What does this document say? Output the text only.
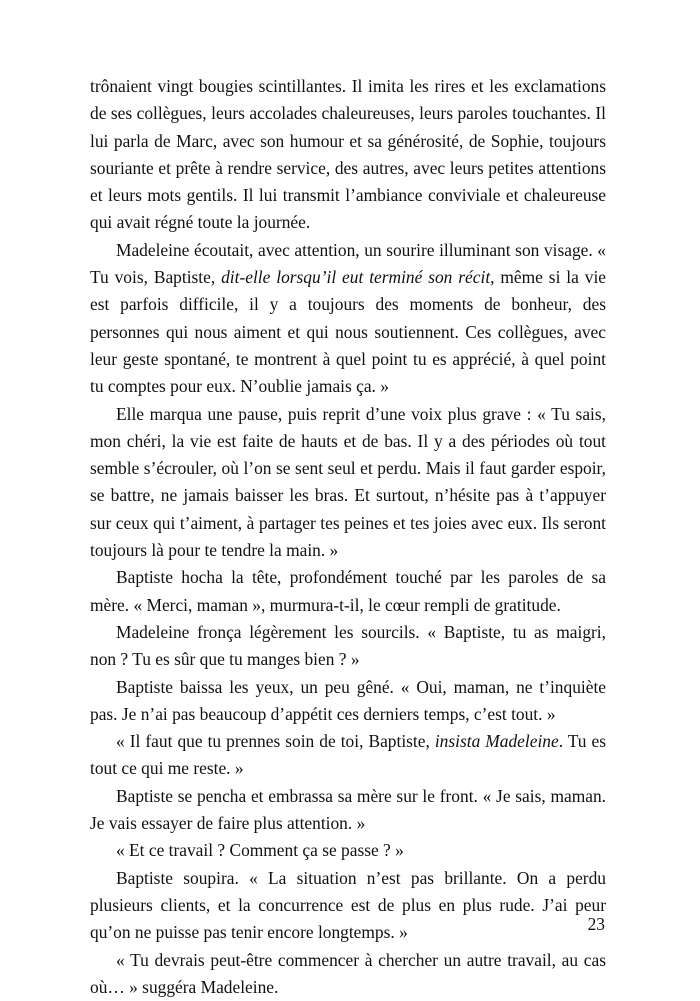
trônaient vingt bougies scintillantes. Il imita les rires et les exclamations de ses collègues, leurs accolades chaleureuses, leurs paroles touchantes. Il lui parla de Marc, avec son humour et sa générosité, de Sophie, toujours souriante et prête à rendre service, des autres, avec leurs petites attentions et leurs mots gentils. Il lui transmit l’ambiance conviviale et chaleureuse qui avait régné toute la journée.

Madeleine écoutait, avec attention, un sourire illuminant son visage. « Tu vois, Baptiste, dit-elle lorsqu’il eut terminé son récit, même si la vie est parfois difficile, il y a toujours des moments de bonheur, des personnes qui nous aiment et qui nous soutiennent. Ces collègues, avec leur geste spontané, te montrent à quel point tu es apprécié, à quel point tu comptes pour eux. N’oublie jamais ça. »

Elle marqua une pause, puis reprit d’une voix plus grave : « Tu sais, mon chéri, la vie est faite de hauts et de bas. Il y a des périodes où tout semble s’écrouler, où l’on se sent seul et perdu. Mais il faut garder espoir, se battre, ne jamais baisser les bras. Et surtout, n’hésite pas à t’appuyer sur ceux qui t’aiment, à partager tes peines et tes joies avec eux. Ils seront toujours là pour te tendre la main. »

Baptiste hocha la tête, profondément touché par les paroles de sa mère. « Merci, maman », murmura-t-il, le cœur rempli de gratitude.

Madeleine fronça légèrement les sourcils. « Baptiste, tu as maigri, non ? Tu es sûr que tu manges bien ? »

Baptiste baissa les yeux, un peu gêné. « Oui, maman, ne t’inquiète pas. Je n’ai pas beaucoup d’appétit ces derniers temps, c’est tout. »

« Il faut que tu prennes soin de toi, Baptiste, insista Madeleine. Tu es tout ce qui me reste. »

Baptiste se pencha et embrassa sa mère sur le front. « Je sais, maman. Je vais essayer de faire plus attention. »

« Et ce travail ? Comment ça se passe ? »

Baptiste soupira. « La situation n’est pas brillante. On a perdu plusieurs clients, et la concurrence est de plus en plus rude. J’ai peur qu’on ne puisse pas tenir encore longtemps. »

« Tu devrais peut-être commencer à chercher un autre travail, au cas où… » suggéra Madeleine.

23
